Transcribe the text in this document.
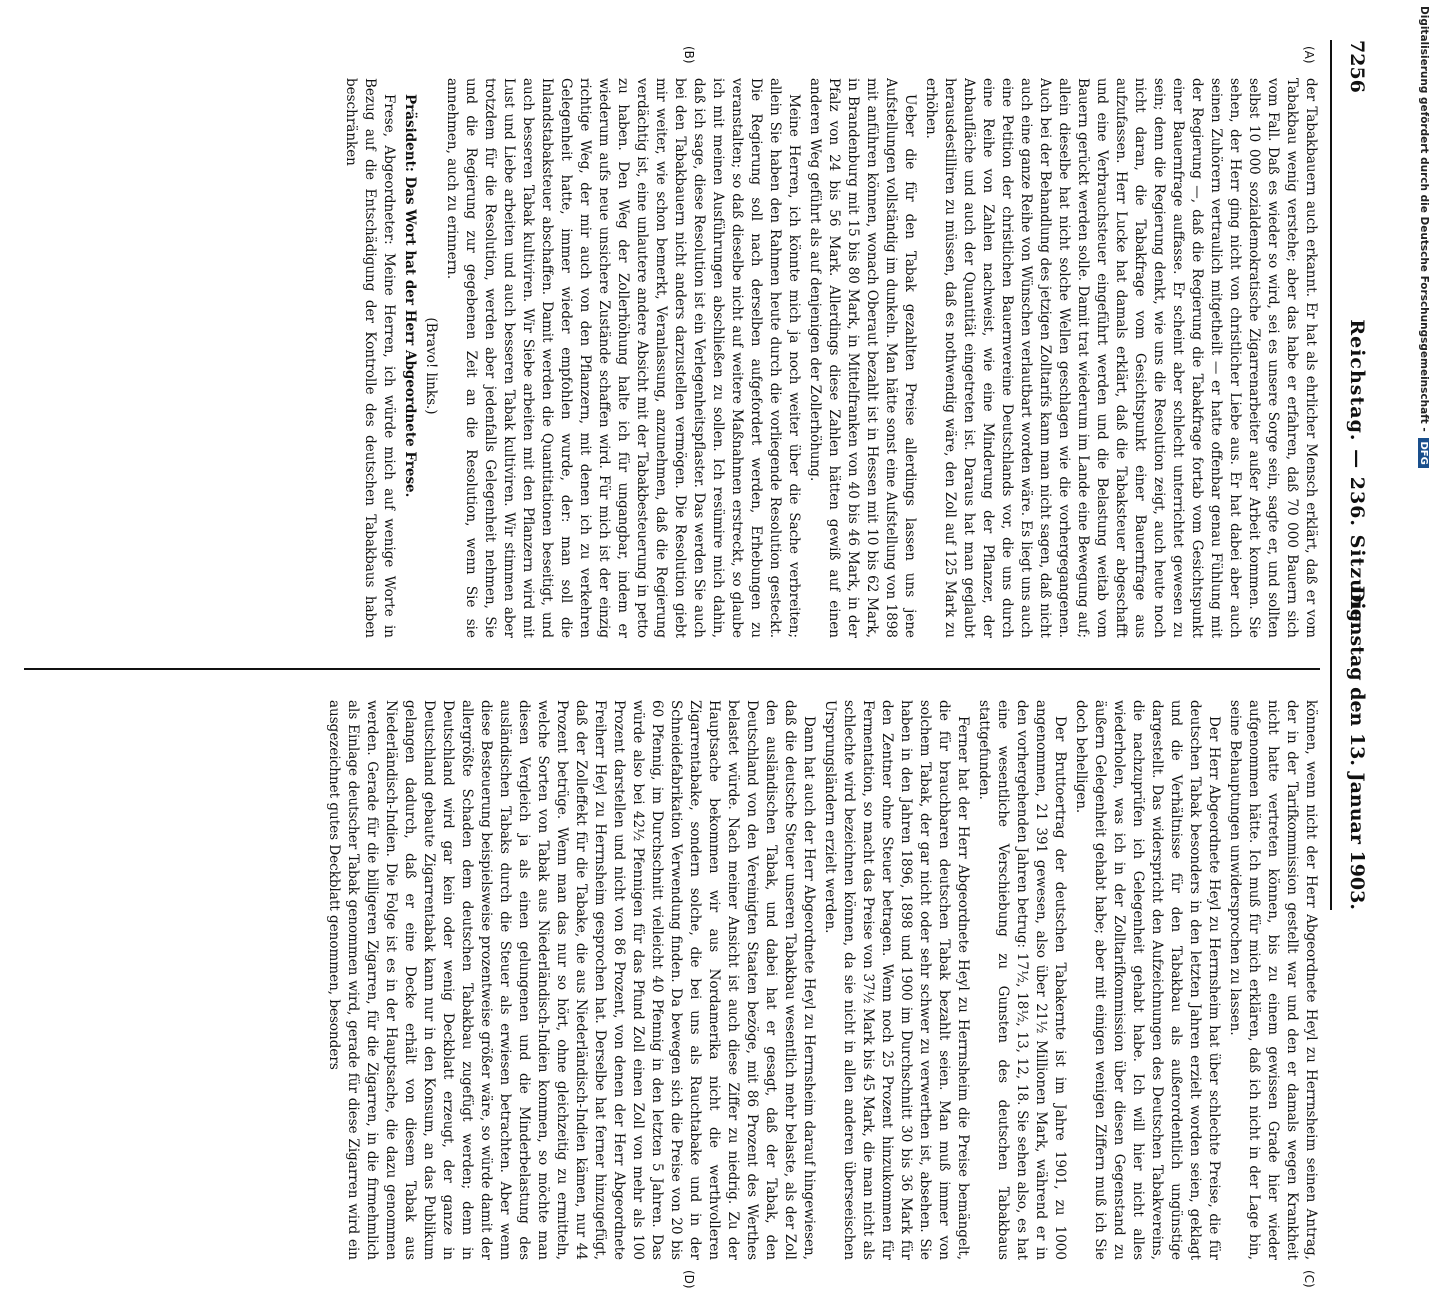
7256
Reichstag. — 236. Sitzung.
Dienstag den 13. Januar 1903.
(A)
(B)
(C)
(D)

der Tabakbauern auch erkannt. Er hat als ehrlicher Mensch erklärt, daß er vom Tabakbau wenig verstehe; aber das habe er erfahren, daß 70 000 Bauern sich vom Fall. Daß es wieder so wird, sei es unsere Sorge sein, sagte er, und sollten selbst 10 000 sozialdemokratische Zigarrenarbeiter außer Arbeit kommen. Sie sehen, der Herr ging nicht von christlicher Liebe aus. Er hat dabei aber auch seinen Zuhörern vertraulich mitgetheilt — er hatte offenbar genau Fühlung mit der Regierung —, daß die Regierung die Tabakfrage fortab vom Gesichtspunkt einer Bauernfrage auffasse. Er scheint aber schlecht unterrichtet gewesen zu sein; denn die Regierung denkt, wie uns die Resolution zeigt, auch heute noch nicht daran, die Tabakfrage vom Gesichtspunkt einer Bauernfrage aus aufzufassen. Herr Lucke hat damals erklärt, daß die Tabaksteuer abgeschafft und eine Verbrauchsteuer eingeführt werden und die Belastung weitab vom Bauern gerückt werden solle. Damit trat wiederum im Lande eine Bewegung auf; allein dieselbe hat nicht solche Wellen geschlagen wie die vorhergegangenen. Auch bei der Behandlung des jetzigen Zolltarifs kann man nicht sagen, daß nicht auch eine ganze Reihe von Wünschen verlautbart worden wäre. Es liegt uns auch eine Petition der christlichen Bauernvereine Deutschlands vor, die uns durch eine Reihe von Zahlen nachweist, wie eine Minderung der Pflanzer, der Anbaufläche und auch der Quantität eingetreten ist. Daraus hat man geglaubt herausdestilliren zu müssen, daß es nothwendig wäre, den Zoll auf 125 Mark zu erhöhen.

Ueber die für den Tabak gezahlten Preise allerdings lassen uns jene Aufstellungen vollständig im dunkeln. Man hätte sonst eine Aufstellung von 1898 mit anführen können, wonach Oberaut bezahlt ist in Hessen mit 10 bis 62 Mark, in Brandenburg mit 15 bis 80 Mark, in Mittelfranken von 40 bis 46 Mark, in der Pfalz von 24 bis 56 Mark. Allerdings diese Zahlen hätten gewiß auf einen anderen Weg geführt als auf denjenigen der Zollerhöhung.

Meine Herren, ich könnte mich ja noch weiter über die Sache verbreiten; allein Sie haben den Rahmen heute durch die vorliegende Resolution gesteckt. Die Regierung soll nach derselben aufgefordert werden, Erhebungen zu veranstalten; so daß dieselbe nicht auf weitere Maßnahmen erstreckt, so glaube ich mit meinen Ausführungen abschließen zu sollen. Ich resümire mich dahin, daß ich sage, diese Resolution ist ein Verlegenheitspflaster. Das werden Sie auch bei den Tabakbauern nicht anders darzustellen vermögen. Die Resolution giebt mir weiter, wie schon bemerkt, Veranlassung, anzunehmen, daß die Regierung verdächtig ist, eine unlautere andere Absicht mit der Tabakbesteuerung in petto zu haben. Den Weg der Zollerhöhung halte ich für ungangbar, indem er wiederum aufs neue unsichere Zustände schaffen wird. Für mich ist der einzig richtige Weg, der mir auch von den Pflanzern, mit denen ich zu verkehren Gelegenheit hatte, immer wieder empfohlen wurde, der: man soll die Inlandstabaksteuer abschaffen. Damit werden die Quantitationen beseitigt, und auch besseren Tabak kultiviren. Wir Siebe arbeiten mit den Pflanzern wird mit Lust und Liebe arbeiten und auch besseren Tabak kultiviren. Wir stimmen aber trotzdem für die Resolution, werden aber jedenfalls Gelegenheit nehmen, Sie und die Regierung zur gegebenen Zeit an die Resolution, wenn Sie sie annehmen, auch zu erinnern.

(Bravo! links.)

Präsident: Das Wort hat der Herr Abgeordnete Frese.

Frese, Abgeordneter: Meine Herren, ich würde mich auf wenige Worte in Bezug auf die Entschädigung der Kontrolle des deutschen Tabakbaus haben beschränken

können, wenn nicht der Herr Abgeordnete Heyl zu Herrnsheim seinen Antrag, der in der Tarifkommission gestellt war und den er damals wegen Krankheit nicht hatte vertreten können, bis zu einem gewissen Grade hier wieder aufgenommen hätte. Ich muß für mich erklären, daß ich nicht in der Lage bin, seine Behauptungen unwidersprochen zu lassen.

Der Herr Abgeordnete Heyl zu Herrnsheim hat über schlechte Preise, die für deutschen Tabak besonders in den letzten Jahren erzielt worden seien, geklagt und die Verhältnisse für den Tabakbau als außerordentlich ungünstige dargestellt. Das widerspricht den Aufzeichnungen des Deutschen Tabakvereins, die nachzuprüfen ich Gelegenheit gehabt habe. Ich will hier nicht alles wiederholen, was ich in der Zolltarifkommission über diesen Gegenstand zu äußern Gelegenheit gehabt habe; aber mit einigen wenigen Ziffern muß ich Sie doch behelligen.

Der Bruttoertrag der deutschen Tabakernte ist im Jahre 1901, zu 1000 angenommen, 21 391 gewesen, also über 21½ Millionen Mark, während er in den vorhergehenden Jahren betrug: 17½, 18½, 13, 12, 18. Sie sehen also, es hat eine wesentliche Verschiebung zu Gunsten des deutschen Tabakbaus stattgefunden.

Ferner hat der Herr Abgeordnete Heyl zu Herrnsheim die Preise bemängelt, die für brauchbaren deutschen Tabak bezahlt seien. Man muß immer von solchem Tabak, der gar nicht oder sehr schwer zu verwerthen ist, absehen. Sie haben in den Jahren 1896, 1898 und 1900 im Durchschnitt 30 bis 36 Mark für den Zentner ohne Steuer betragen. Wenn noch 25 Prozent hinzukommen für Fermentation, so macht das Preise von 37½ Mark bis 45 Mark, die man nicht als schlechte wird bezeichnen können, da sie nicht in allen anderen überseeischen Ursprungsländern erzielt werden.

Dann hat auch der Herr Abgeordnete Heyl zu Herrnsheim darauf hingewiesen, daß die deutsche Steuer unseren Tabakbau wesentlich mehr belaste, als der Zoll den ausländischen Tabak, und dabei hat er gesagt, daß der Tabak, den Deutschland von den Vereinigten Staaten bezöge, mit 86 Prozent des Werthes belastet würde. Nach meiner Ansicht ist auch diese Ziffer zu niedrig. Zu der Hauptsache bekommen wir aus Nordamerika nicht die werthvolleren Zigarrentabake, sondern solche, die bei uns als Rauchtabake und in der Schneidefabrikation Verwendung finden. Da bewegen sich die Preise von 20 bis 60 Pfennig, im Durchschnitt vielleicht 40 Pfennig in den letzten 5 Jahren. Das würde also bei 42½ Pfennigen für das Pfund Zoll einen Zoll von mehr als 100 Prozent darstellen und nicht von 86 Prozent, von denen der Herr Abgeordnete Freiherr Heyl zu Herrnsheim gesprochen hat. Derselbe hat ferner hinzugefügt, daß der Zolleffekt für die Tabake, die aus Niederländisch-Indien kämen, nur 44 Prozent betrüge. Wenn man das nur so hört, ohne gleichzeitig zu ermitteln, welche Sorten von Tabak aus Niederländisch-Indien kommen, so möchte man diesen Vergleich ja als einen gelungenen und die Minderbelastung des ausländischen Tabaks durch die Steuer als erwiesen betrachten. Aber wenn diese Besteuerung beispielsweise prozentweise größer wäre, so würde damit der allergrößte Schaden dem deutschen Tabakbau zugefügt werden; denn in Deutschland wird gar kein oder wenig Deckblatt erzeugt, der ganze in Deutschland gebaute Zigarrentabak kann nur in den Konsum, an das Publikum gelangen dadurch, daß er eine Decke erhält von diesem Tabak aus Niederländisch-Indien. Die Folge ist es in der Hauptsache, die dazu genommen werden. Gerade für die billigeren Zigarren, für die Zigarren, in die firmehmlich als Einlage deutscher Tabak genommen wird, gerade für diese Zigarren wird ein ausgezeichnet gutes Deckblatt genommen, besonders

Digitalisierung gefördert durch die Deutsche Forschungsgemeinschaft - DFG
